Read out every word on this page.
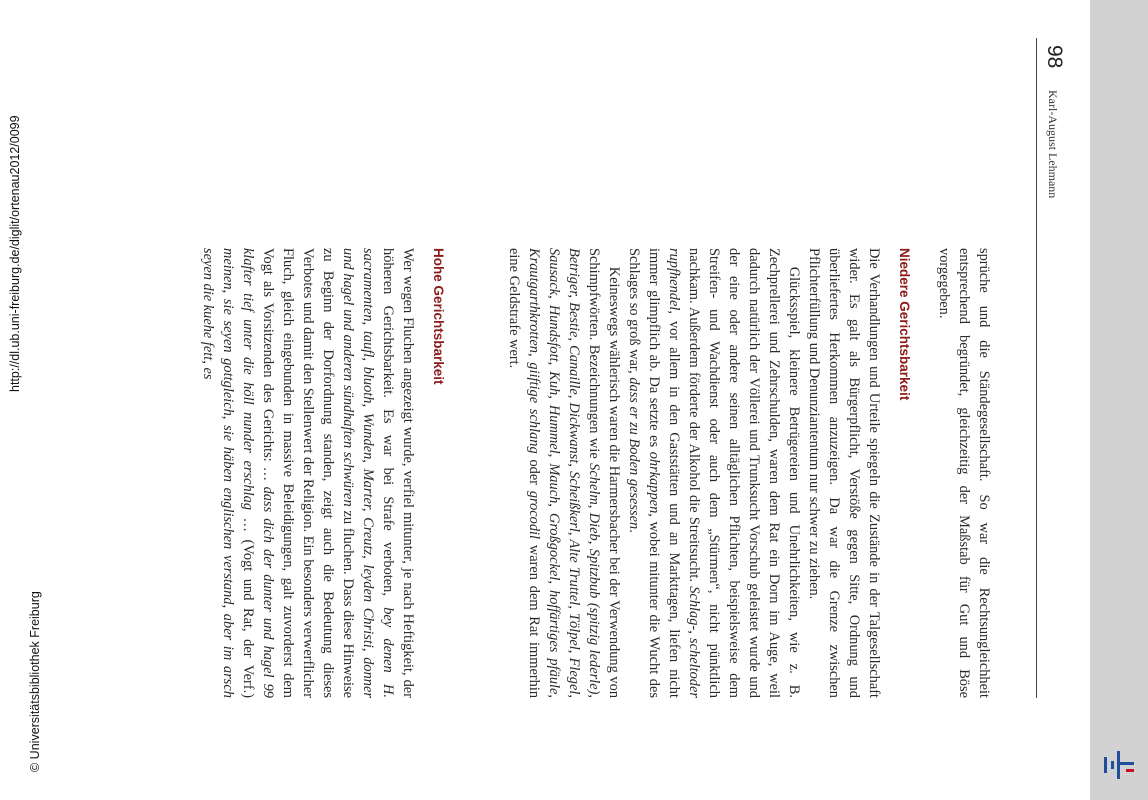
98
Karl-August Lehmann

sprüche und die Ständegesellschaft. So war die Rechtsungleichheit entsprechend begründet, gleichzeitig der Maßstab für Gut und Böse vorgegeben.

Niedere Gerichtsbarkeit

Die Verhandlungen und Urteile spiegeln die Zustände in der Talgesellschaft wider. Es galt als Bürgerpflicht, Verstöße gegen Sitte, Ordnung und überliefertes Herkommen anzuzeigen. Da war die Grenze zwischen Pflichterfüllung und Denunziantentum nur schwer zu ziehen.

Glücksspiel, kleinere Betrügereien und Unehrlichkeiten, wie z. B. Zechprellerei und Zehrschulden, waren dem Rat ein Dorn im Auge, weil dadurch natürlich der Völlerei und Trunksucht Vorschub geleistet wurde und der eine oder andere seinen alltäglichen Pflichten, beispielsweise dem Streifen- und Wachdienst oder auch dem „Stürmen“, nicht pünktlich nachkam. Außerdem förderte der Alkohol die Streitsucht. Schlag-, scheltoder rupfhendel, vor allem in den Gaststätten und an Markttagen, liefen nicht immer glimpflich ab. Da setzte es ohrkappen, wobei mitunter die Wucht des Schlages so groß war, dass er zu Boden gesessen.

Keineswegs wählerisch waren die Harmersbacher bei der Verwendung von Schimpfwörten. Bezeichnungen wie Schelm, Dieb, Spitzbub (spitzig lederle), Betriger, Bestie, Canaille, Dickwanst, Scheißkerl, Alte Truttel, Tölpel, Flegel, Sausack, Hundsfott, Kuh, Hummel, Mauch, Großgockel, hoffärtiges pfäule, Krautgarthkrotten, giiftige schlang oder grocodil waren dem Rat immerhin eine Geldstrafe wert.

Hohe Gerichtsbarkeit

Wer wegen Fluchen angezeigt wurde, verfiel mitunter, je nach Heftigkeit, der höheren Gerichtsbarkeit. Es war bei Strafe verboten, bey denen H. sacramenten, taufl, bluoth, Wunden, Marter, Creutz, leyden Christi, donner und hagel und anderen sündhaften schwüren zu fluchen. Dass diese Hinweise zu Beginn der Dorfordnung standen, zeigt auch die Bedeutung dieses Verbotes und damit den Stellenwert der Religion. Ein besonders verwerflicher Fluch, gleich eingebunden in massive Beleidigungen, galt zuvorderst dem Vogt als Vorsitzenden des Gerichts: … dass dich der dunter und hagel 99 klafter tief unter die höll nunder erschlag … (Vogt und Rat, der Verf.) meinen, sie seyen gottgleich, sie häben englischen verstand, aber im arsch seyen die kuehe fett, es

http://dl.ub.uni-freiburg.de/diglit/ortenau2012/0099
© Universitätsbibliothek Freiburg
